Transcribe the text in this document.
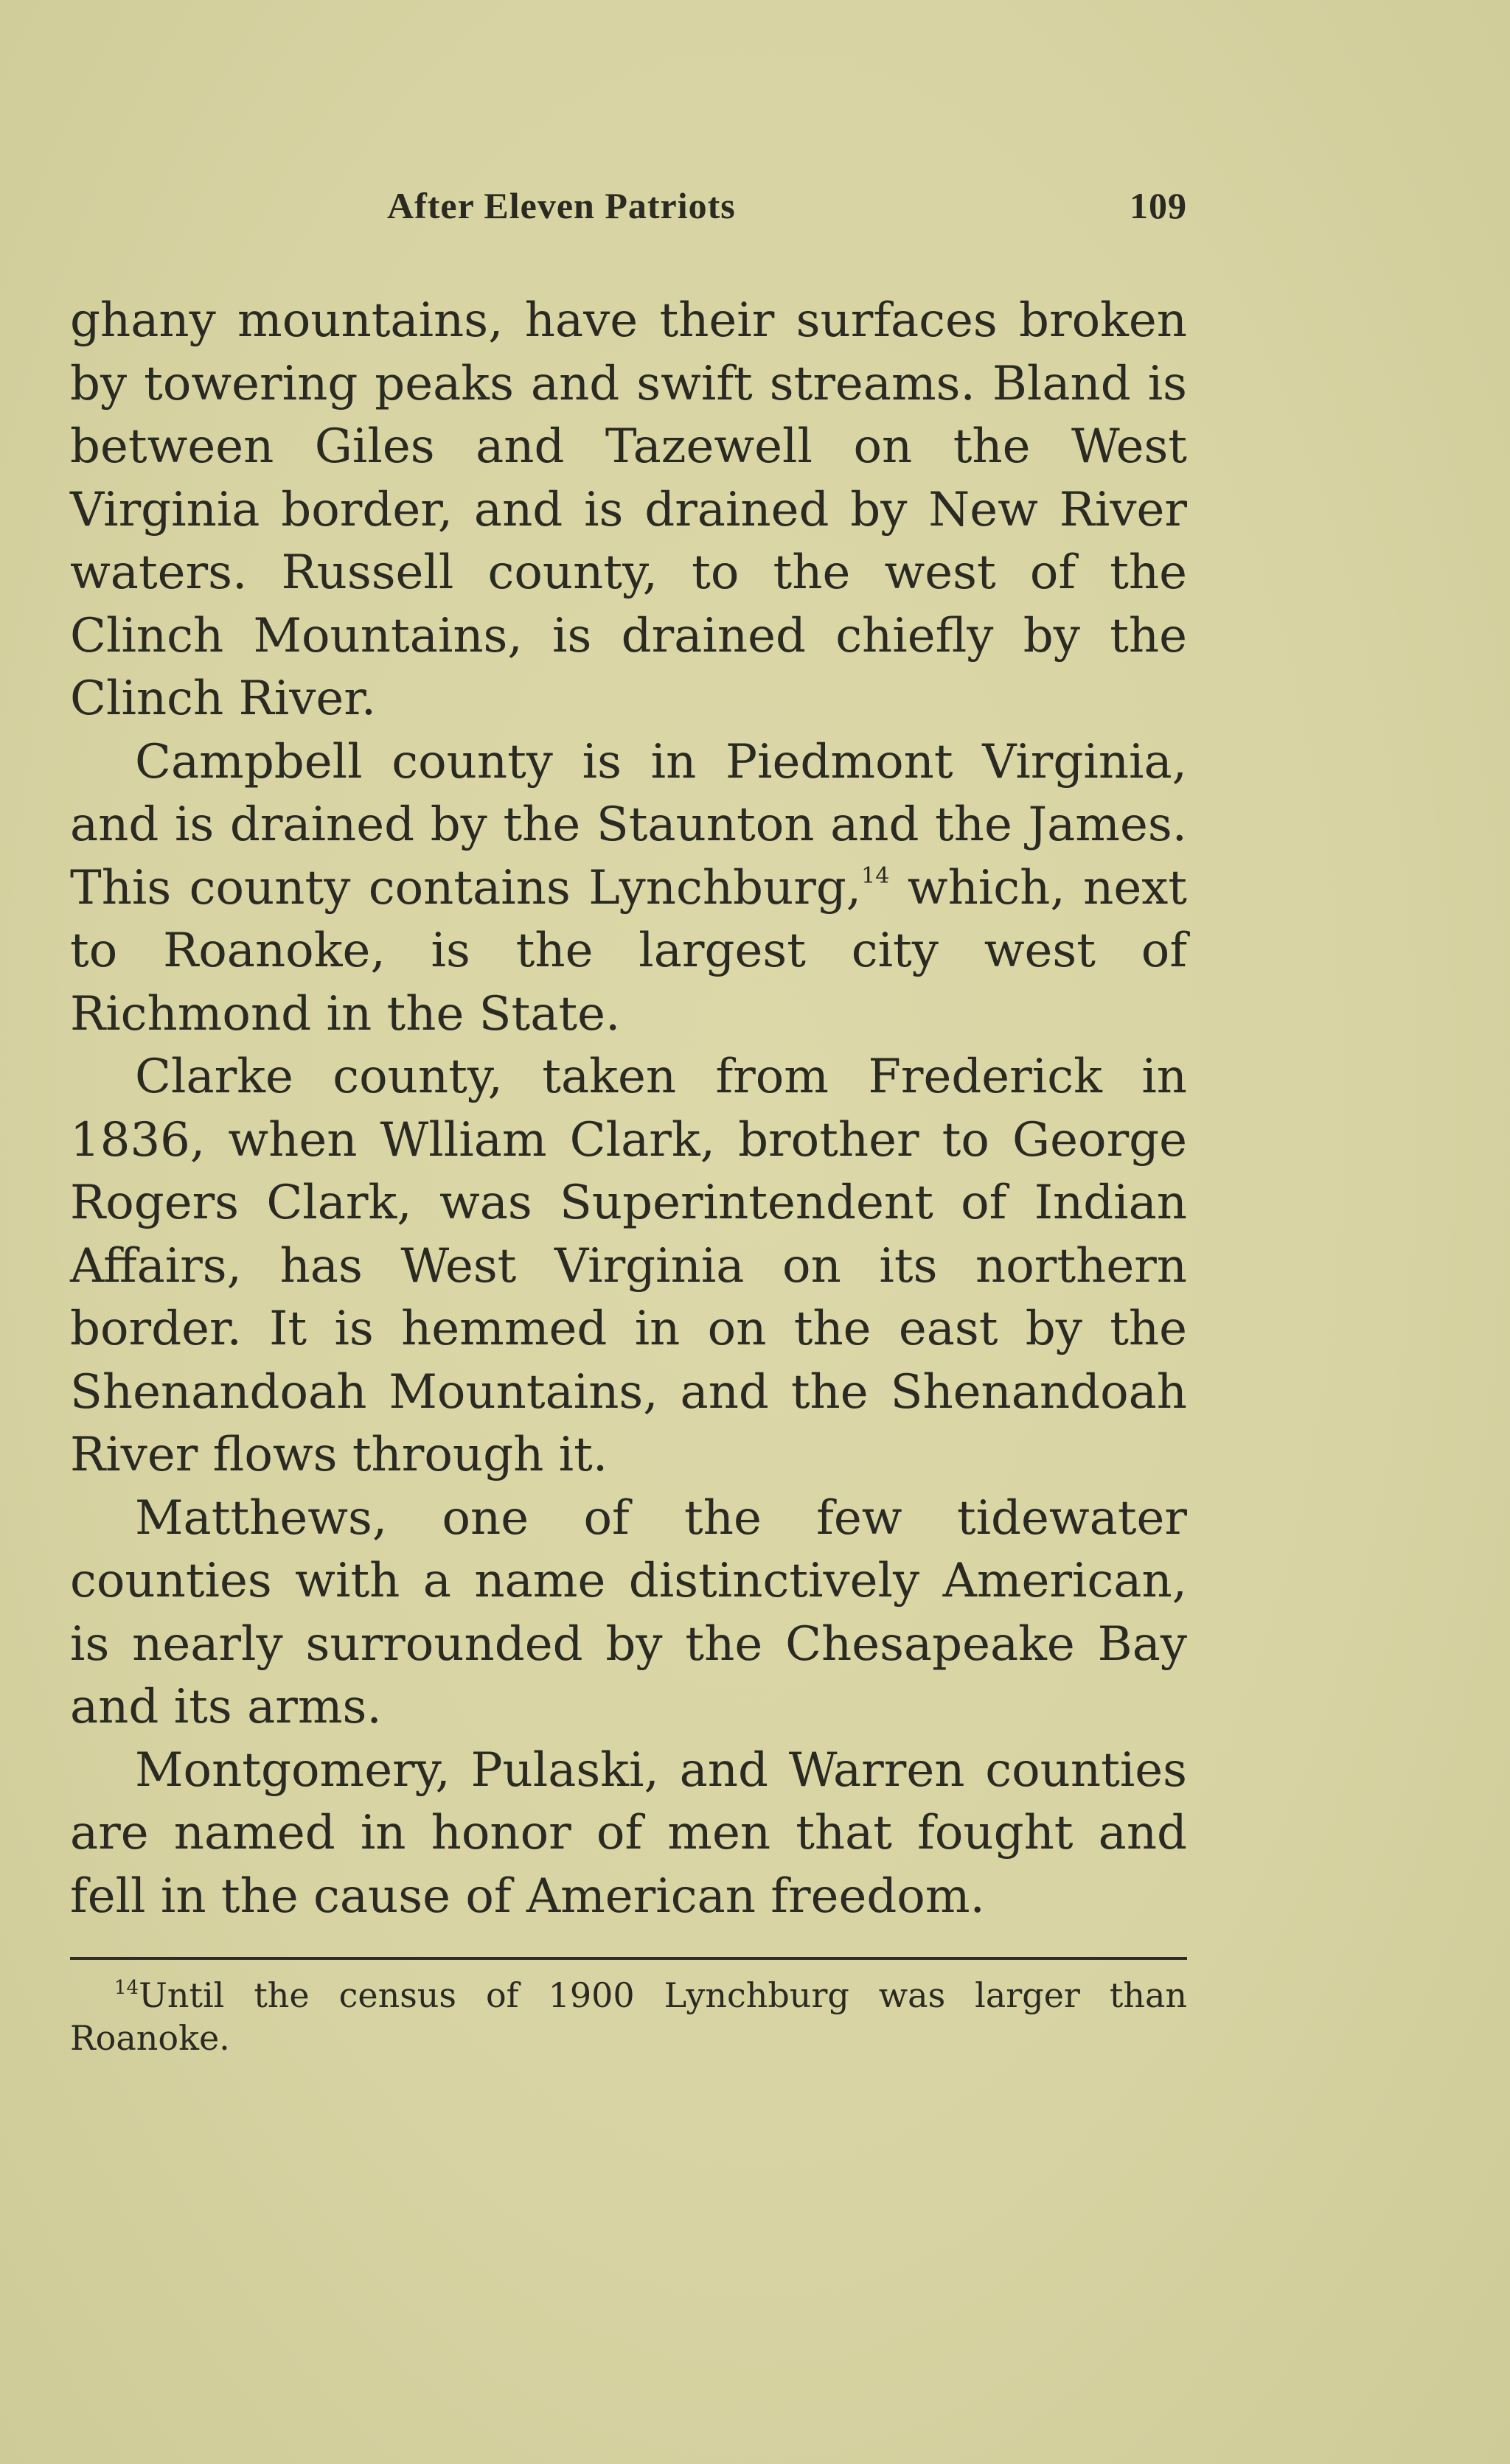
After Eleven Patriots	109

ghany mountains, have their surfaces broken by towering peaks and swift streams. Bland is between Giles and Tazewell on the West Virginia border, and is drained by New River waters. Russell county, to the west of the Clinch Mountains, is drained chiefly by the Clinch River.

Campbell county is in Piedmont Virginia, and is drained by the Staunton and the James. This county contains Lynchburg,$^{14}$ which, next to Roanoke, is the largest city west of Richmond in the State.

Clarke county, taken from Frederick in 1836, when Wlliam Clark, brother to George Rogers Clark, was Superintendent of Indian Affairs, has West Virginia on its northern border. It is hemmed in on the east by the Shenandoah Mountains, and the Shenandoah River flows through it.

Matthews, one of the few tidewater counties with a name distinctively American, is nearly surrounded by the Chesapeake Bay and its arms.

Montgomery, Pulaski, and Warren counties are named in honor of men that fought and fell in the cause of American freedom.

$^{14}$Until the census of 1900 Lynchburg was larger than Roanoke.
